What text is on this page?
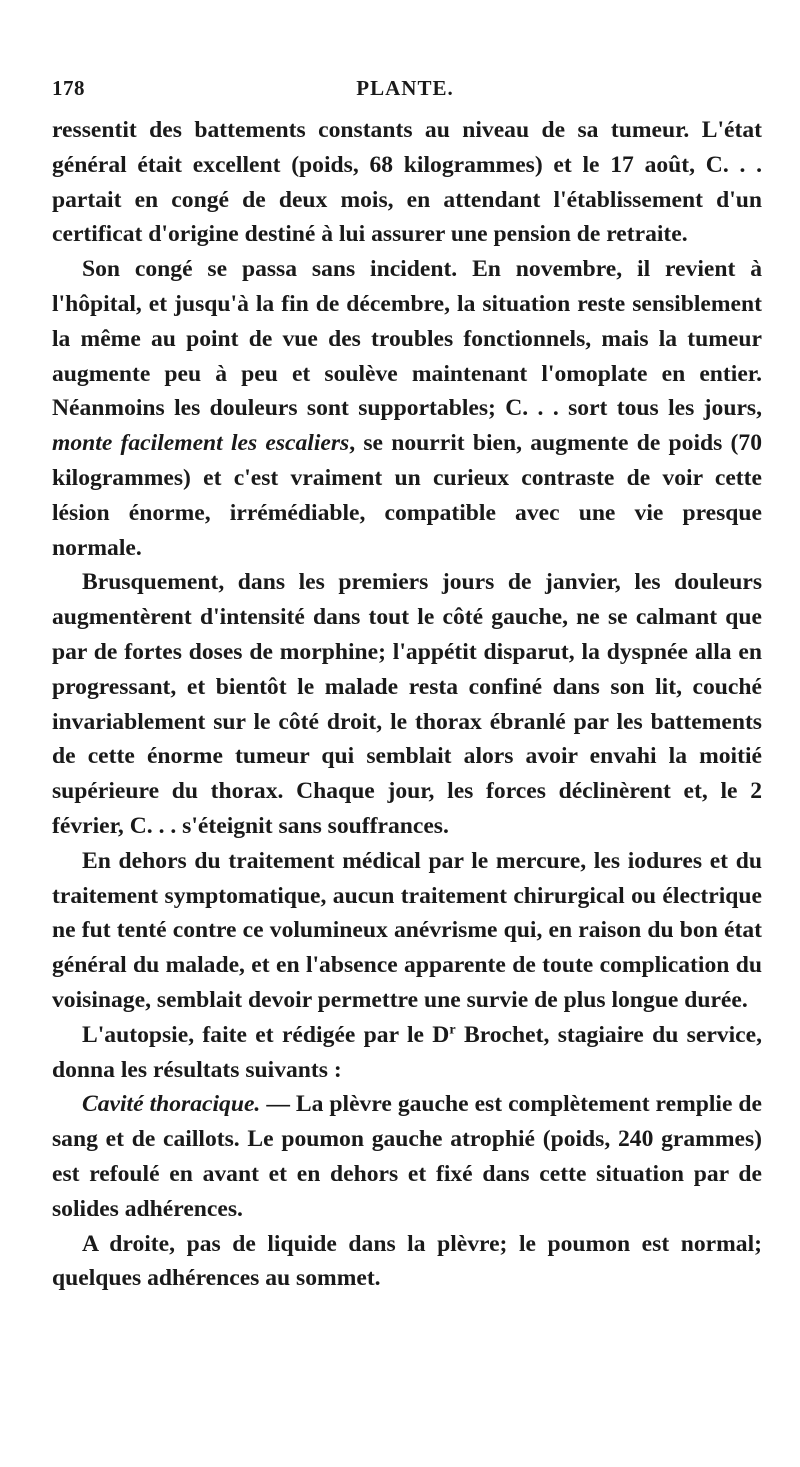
178	PLANTE.

ressentit des battements constants au niveau de sa tumeur. L'état général était excellent (poids, 68 kilogrammes) et le 17 août, C. . . partait en congé de deux mois, en attendant l'établissement d'un certificat d'origine destiné à lui assurer une pension de retraite.

Son congé se passa sans incident. En novembre, il revient à l'hôpital, et jusqu'à la fin de décembre, la situation reste sensiblement la même au point de vue des troubles fonctionnels, mais la tumeur augmente peu à peu et soulève maintenant l'omoplate en entier. Néanmoins les douleurs sont supportables; C. . . sort tous les jours, monte facilement les escaliers, se nourrit bien, augmente de poids (70 kilogrammes) et c'est vraiment un curieux contraste de voir cette lésion énorme, irrémédiable, compatible avec une vie presque normale.

Brusquement, dans les premiers jours de janvier, les douleurs augmentèrent d'intensité dans tout le côté gauche, ne se calmant que par de fortes doses de morphine; l'appétit disparut, la dyspnée alla en progressant, et bientôt le malade resta confiné dans son lit, couché invariablement sur le côté droit, le thorax ébranlé par les battements de cette énorme tumeur qui semblait alors avoir envahi la moitié supérieure du thorax. Chaque jour, les forces déclinèrent et, le 2 février, C. . . s'éteignit sans souffrances.

En dehors du traitement médical par le mercure, les iodures et du traitement symptomatique, aucun traitement chirurgical ou électrique ne fut tenté contre ce volumineux anévrisme qui, en raison du bon état général du malade, et en l'absence apparente de toute complication du voisinage, semblait devoir permettre une survie de plus longue durée.

L'autopsie, faite et rédigée par le $D^r$ Brochet, stagiaire du service, donna les résultats suivants :

Cavité thoracique. — La plèvre gauche est complètement remplie de sang et de caillots. Le poumon gauche atrophié (poids, 240 grammes) est refoulé en avant et en dehors et fixé dans cette situation par de solides adhérences.

A droite, pas de liquide dans la plèvre; le poumon est normal; quelques adhérences au sommet.
